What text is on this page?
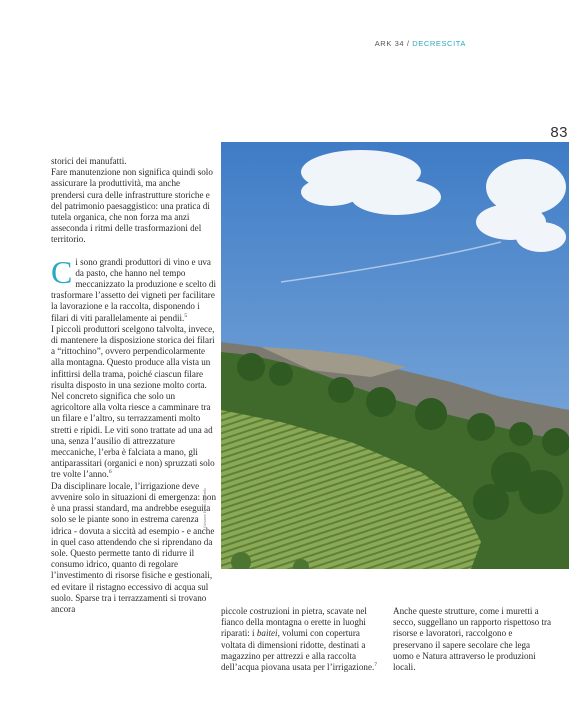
ARK 34 / DECRESCITA
83

storici dei manufatti.

Fare manutenzione non significa quindi solo assicurare la produttività, ma anche prendersi cura delle infrastrutture storiche e del patrimonio paesaggistico: una pratica di tutela organica, che non forza ma anzi asseconda i ritmi delle trasformazioni del territorio.

Ci sono grandi produttori di vino e uva da pasto, che hanno nel tempo meccanizzato la produzione e scelto di trasformare l’assetto dei vigneti per facilitare la lavorazione e la raccolta, disponendo i filari di viti parallelamente ai pendii.$^5$

I piccoli produttori scelgono talvolta, invece, di mantenere la disposizione storica dei filari a “rittochino”, ovvero perpendicolarmente alla montagna. Questo produce alla vista un infittirsi della trama, poiché ciascun filare risulta disposto in una sezione molto corta. Nel concreto significa che solo un agricoltore alla volta riesce a camminare tra un filare e l’altro, su terrazzamenti molto stretti e ripidi. Le viti sono trattate ad una ad una, senza l’ausilio di attrezzature meccaniche, l’erba è falciata a mano, gli antiparassitari (organici e non) spruzzati solo tre volte l’anno.$^6$

Da disciplinare locale, l’irrigazione deve avvenire solo in situazioni di emergenza: non è una prassi standard, ma andrebbe eseguita solo se le piante sono in estrema carenza idrica - dovuta a siccità ad esempio - e anche in quel caso attendendo che si riprendano da sole. Questo permette tanto di ridurre il consumo idrico, quanto di regolare l’investimento di risorse fisiche e gestionali, ed evitare il ristagno eccessivo di acqua sul suolo. Sparse tra i terrazzamenti si trovano ancora

Giovanni Emilio Galanello

piccole costruzioni in pietra, scavate nel fianco della montagna o erette in luoghi riparati: i baitei, volumi con copertura voltata di dimensioni ridotte, destinati a magazzino per attrezzi e alla raccolta dell’acqua piovana usata per l’irrigazione.$^7$

Anche queste strutture, come i muretti a secco, suggellano un rapporto rispettoso tra risorse e lavoratori, raccolgono e preservano il sapere secolare che lega uomo e Natura attraverso le produzioni locali.
